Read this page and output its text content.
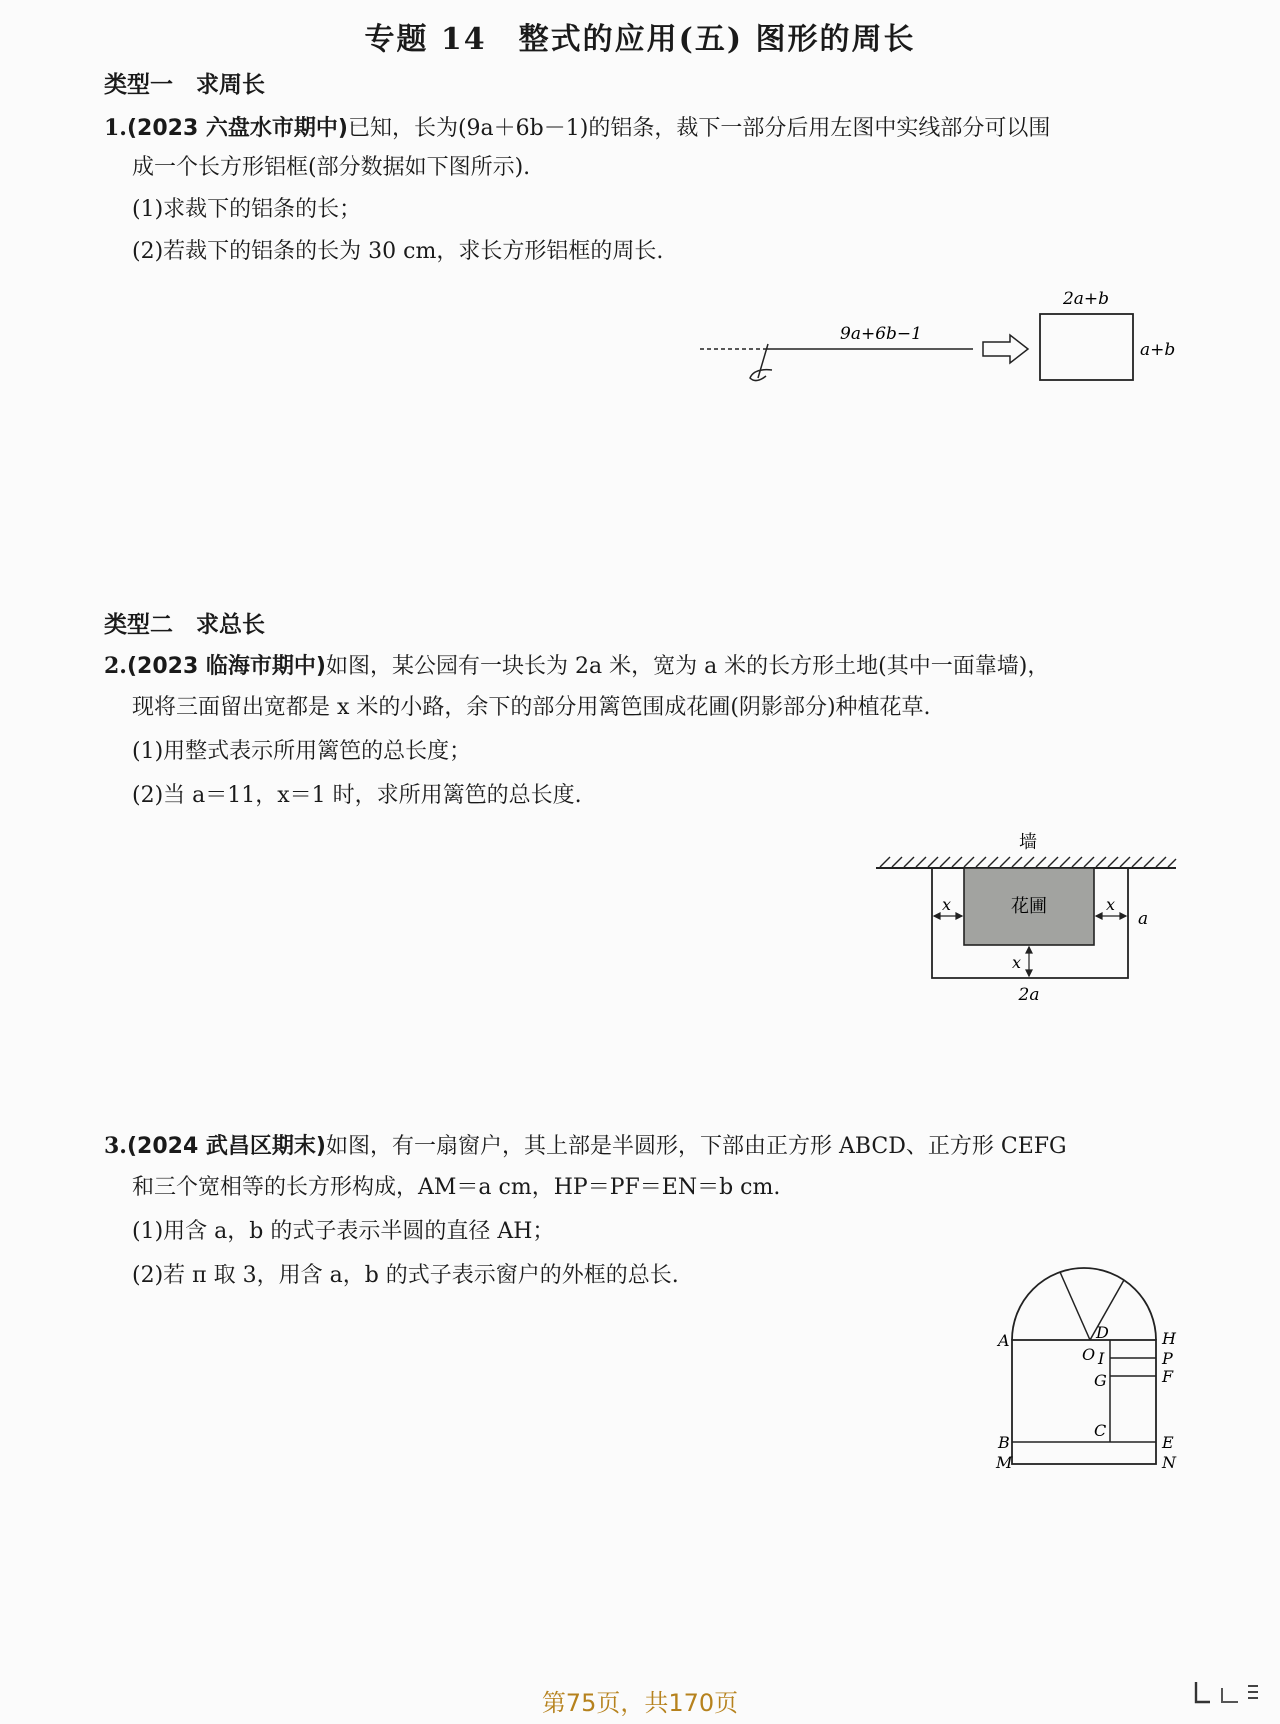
专题 14　整式的应用(五) 图形的周长
类型一　求周长
1.(2023 六盘水市期中)已知，长为(9a＋6b－1)的铝条，裁下一部分后用左图中实线部分可以围
成一个长方形铝框(部分数据如下图所示).
(1)求裁下的铝条的长；
(2)若裁下的铝条的长为 30 cm，求长方形铝框的周长.
9a+6b−1
2a+b
a+b
类型二　求总长
2.(2023 临海市期中)如图，某公园有一块长为 2a 米，宽为 a 米的长方形土地(其中一面靠墙)，
现将三面留出宽都是 x 米的小路，余下的部分用篱笆围成花圃(阴影部分)种植花草.
(1)用整式表示所用篱笆的总长度；
(2)当 a＝11，x＝1 时，求所用篱笆的总长度.
墙
花圃
x	x
a
x
2a
3.(2024 武昌区期末)如图，有一扇窗户，其上部是半圆形，下部由正方形 ABCD、正方形 CEFG
和三个宽相等的长方形构成，AM＝a cm，HP＝PF＝EN＝b cm.
(1)用含 a，b 的式子表示半圆的直径 AH；
(2)若 π 取 3，用含 a，b 的式子表示窗户的外框的总长.
A
B
M
O
D
I
G
C
H
P
F
E
N
第75页，共170页
